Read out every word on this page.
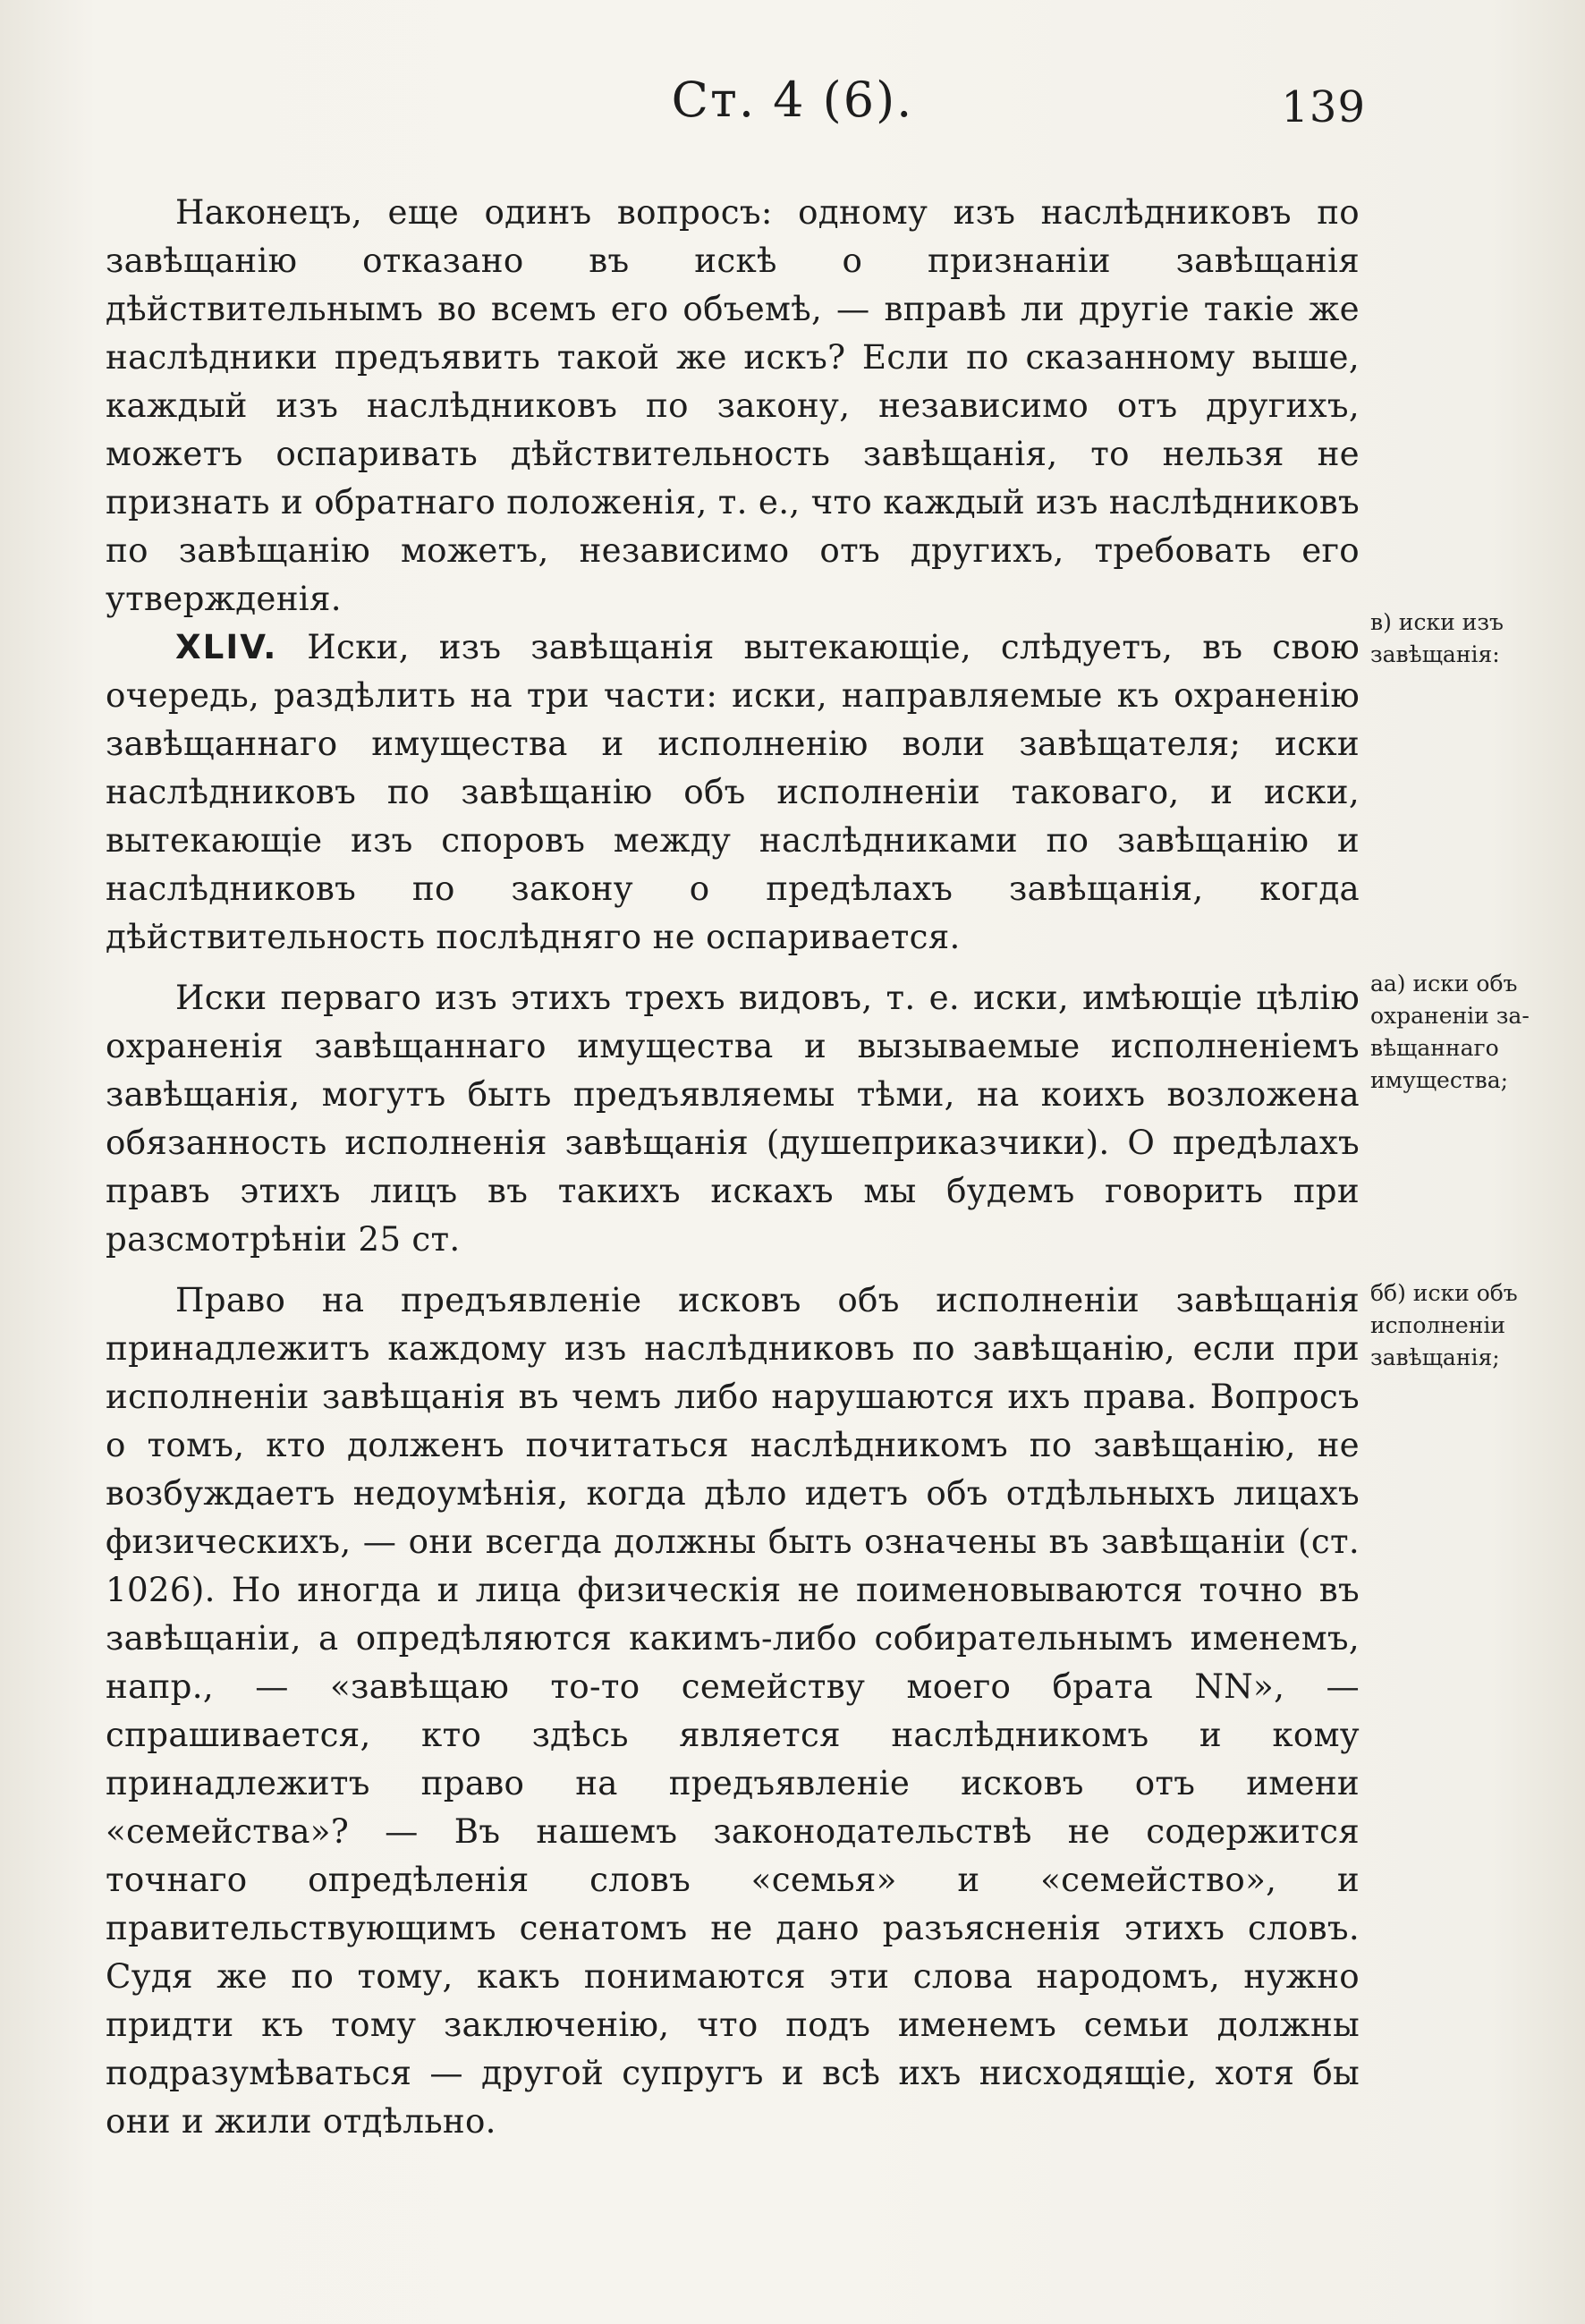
Ст. 4 (6).	139

Наконецъ, еще одинъ вопросъ: одному изъ наслѣдниковъ по завѣщанію отказано въ искѣ о признаніи завѣщанія дѣйствительнымъ во всемъ его объемѣ, — вправѣ ли другіе такіе же наслѣдники предъявить такой же искъ? Если по сказанному выше, каждый изъ наслѣдниковъ по закону, независимо отъ другихъ, можетъ оспаривать дѣйствительность завѣщанія, то нельзя не признать и обратнаго положенія, т. е., что каждый изъ наслѣдниковъ по завѣщанію можетъ, независимо отъ другихъ, требовать его утвержденія.

XLIV. Иски, изъ завѣщанія вытекающіе, слѣдуетъ, въ свою очередь, раздѣлить на три части: иски, направляемые къ охраненію завѣщаннаго имущества и исполненію воли завѣщателя; иски наслѣдниковъ по завѣщанію объ исполненіи таковаго, и иски, вытекающіе изъ споровъ между наслѣдниками по завѣщанію и наслѣдниковъ по закону о предѣлахъ завѣщанія, когда дѣйствительность послѣдняго не оспаривается.

Иски перваго изъ этихъ трехъ видовъ, т. е. иски, имѣющіе цѣлію охраненія завѣщаннаго имущества и вызываемые исполненіемъ завѣщанія, могутъ быть предъявляемы тѣми, на коихъ возложена обязанность исполненія завѣщанія (душеприказчики). О предѣлахъ правъ этихъ лицъ въ такихъ искахъ мы будемъ говорить при разсмотрѣніи 25 ст.

Право на предъявленіе исковъ объ исполненіи завѣщанія принадлежитъ каждому изъ наслѣдниковъ по завѣщанію, если при исполненіи завѣщанія въ чемъ либо нарушаются ихъ права. Вопросъ о томъ, кто долженъ почитаться наслѣдникомъ по завѣщанію, не возбуждаетъ недоумѣнія, когда дѣло идетъ объ отдѣльныхъ лицахъ физическихъ, — они всегда должны быть означены въ завѣщаніи (ст. 1026). Но иногда и лица физическія не поименовываются точно въ завѣщаніи, а опредѣляются какимъ-либо собирательнымъ именемъ, напр., — «завѣщаю то-то семейству моего брата NN», — спрашивается, кто здѣсь является наслѣдникомъ и кому принадлежитъ право на предъявленіе исковъ отъ имени «семейства»? — Въ нашемъ законодательствѣ не содержится точнаго опредѣленія словъ «семья» и «семейство», и правительствующимъ сенатомъ не дано разъясненія этихъ словъ. Судя же по тому, какъ понимаются эти слова народомъ, нужно придти къ тому заключенію, что подъ именемъ семьи должны подразумѣваться — другой супругъ и всѣ ихъ нисходящіе, хотя бы они и жили отдѣльно.

в) иски изъ
завѣщанія:
аа) иски объ
охраненіи за-
вѣщаннаго
имущества;
бб) иски объ
исполненіи
завѣщанія;
